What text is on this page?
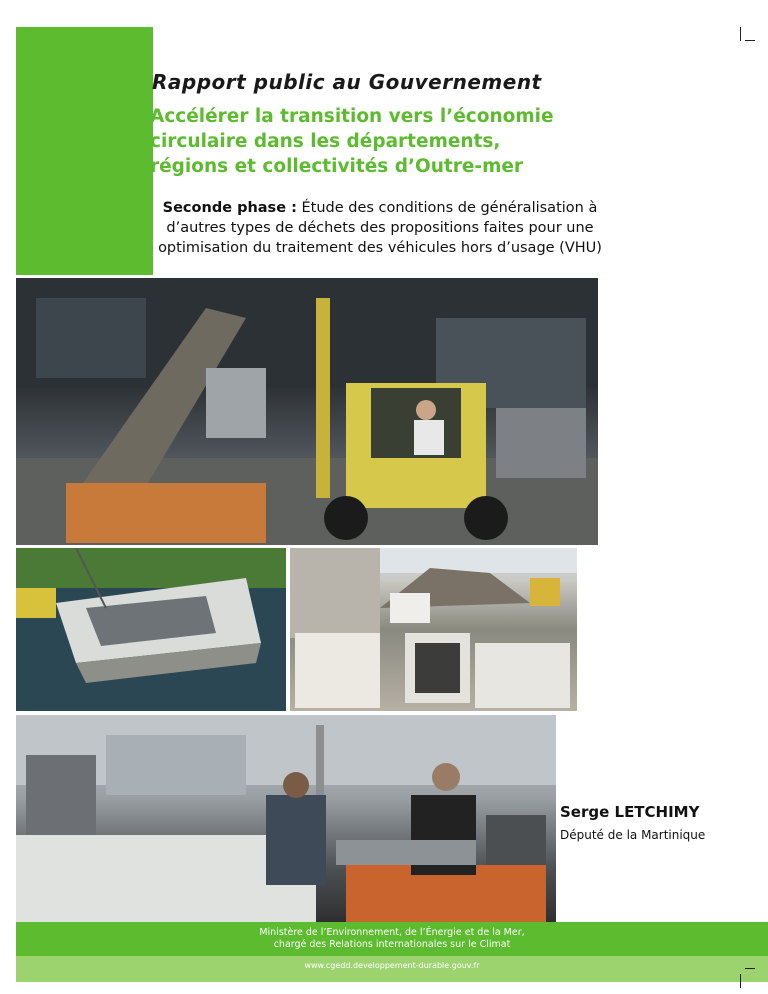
Rapport public au Gouvernement
Accélérer la transition vers l’économie
circulaire dans les départements,
régions et collectivités d’Outre-mer
Seconde phase : Étude des conditions de généralisation à d’autres types de déchets des propositions faites pour une optimisation du traitement des véhicules hors d’usage (VHU)
Serge LETCHIMY
Député de la Martinique
Ministère de l’Environnement, de l’Énergie et de la Mer,
chargé des Relations internationales sur le Climat
www.cgedd.developpement-durable.gouv.fr
